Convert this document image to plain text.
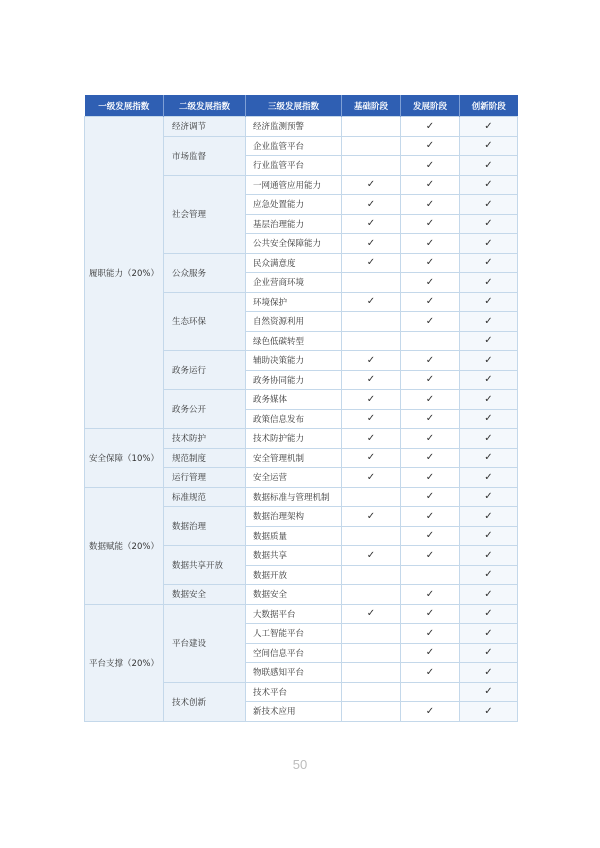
一级发展指数	二级发展指数	三级发展指数	基础阶段	发展阶段	创新阶段
履职能力（20%）	经济调节	经济监测预警		✓	✓
	市场监督	企业监管平台		✓	✓
		行业监管平台		✓	✓
	社会管理	一网通管应用能力	✓	✓	✓
		应急处置能力	✓	✓	✓
		基层治理能力	✓	✓	✓
		公共安全保障能力	✓	✓	✓
	公众服务	民众满意度	✓	✓	✓
		企业营商环境		✓	✓
	生态环保	环境保护	✓	✓	✓
		自然资源利用		✓	✓
		绿色低碳转型			✓
	政务运行	辅助决策能力	✓	✓	✓
		政务协同能力	✓	✓	✓
	政务公开	政务媒体	✓	✓	✓
		政策信息发布	✓	✓	✓
安全保障（10%）	技术防护	技术防护能力	✓	✓	✓
	规范制度	安全管理机制	✓	✓	✓
	运行管理	安全运营	✓	✓	✓
数据赋能（20%）	标准规范	数据标准与管理机制		✓	✓
	数据治理	数据治理架构	✓	✓	✓
		数据质量		✓	✓
	数据共享开放	数据共享	✓	✓	✓
		数据开放			✓
	数据安全	数据安全		✓	✓
平台支撑（20%）	平台建设	大数据平台	✓	✓	✓
		人工智能平台		✓	✓
		空间信息平台		✓	✓
		物联感知平台		✓	✓
	技术创新	技术平台			✓
		新技术应用		✓	✓
50
